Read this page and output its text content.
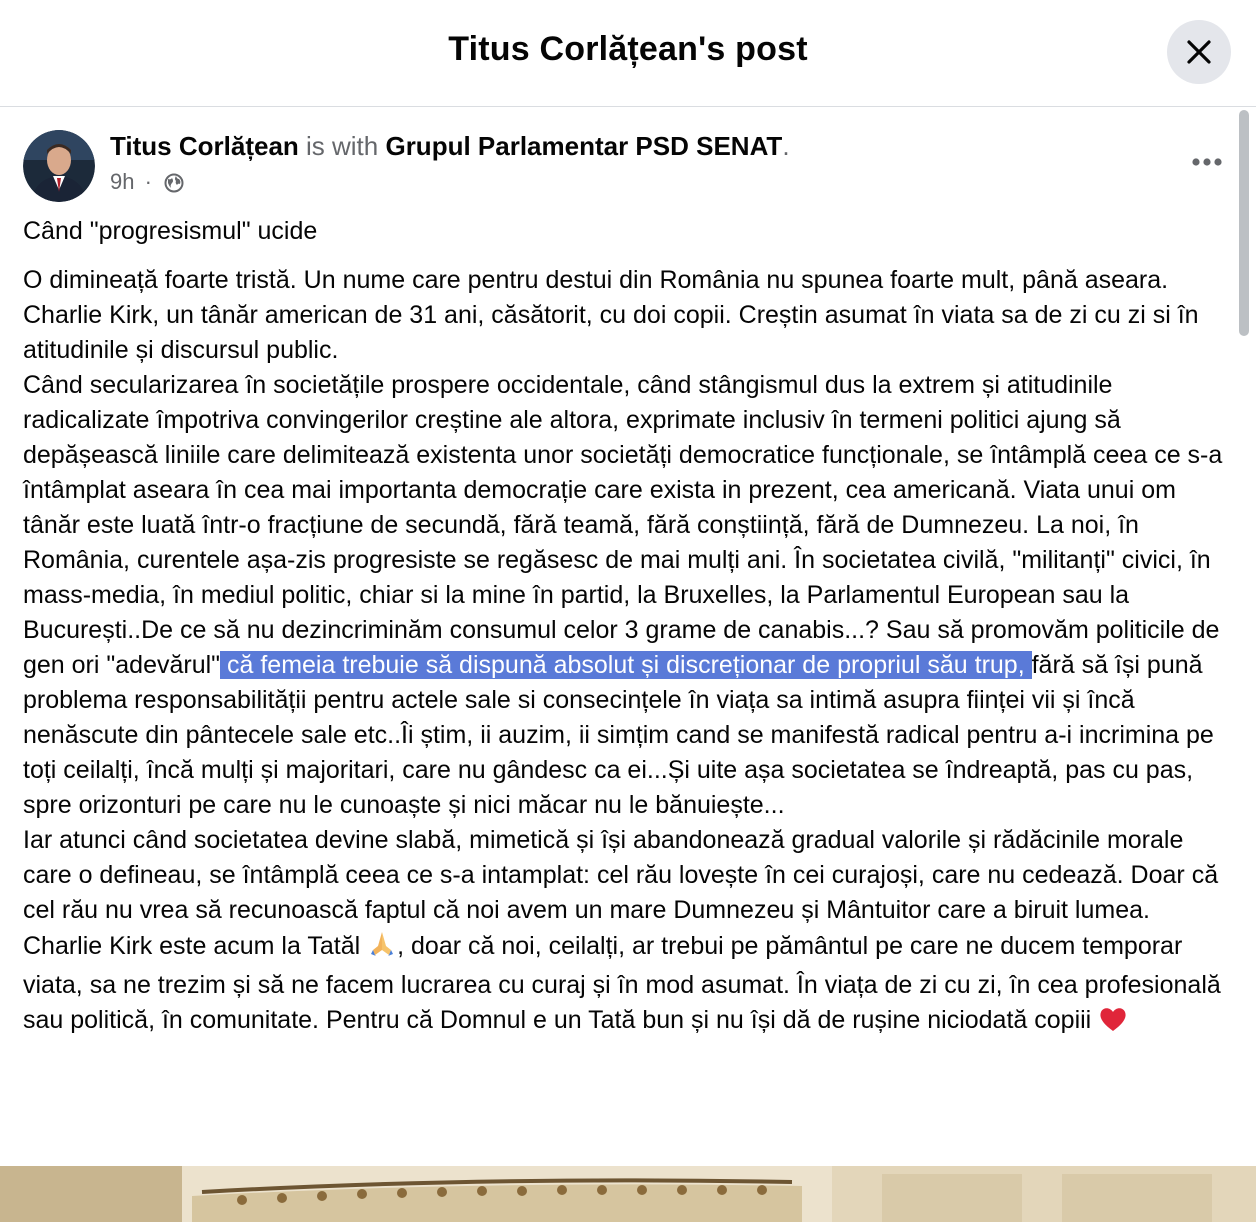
Titus Corlățean's post
Titus Corlățean is with Grupul Parlamentar PSD SENAT.
9h ·

Când "progresismul" ucide

O dimineață foarte tristă. Un nume care pentru destui din România nu spunea foarte mult, până aseara. Charlie Kirk, un tânăr american de 31 ani, căsătorit, cu doi copii. Creștin asumat în viata sa de zi cu zi si în atitudinile și discursul public.

Când secularizarea în societățile prospere occidentale, când stângismul dus la extrem și atitudinile radicalizate împotriva convingerilor creștine ale altora, exprimate inclusiv în termeni politici ajung să depășească liniile care delimitează existenta unor societăți democratice funcționale, se întâmplă ceea ce s-a întâmplat aseara în cea mai importanta democrație care exista in prezent, cea americană. Viata unui om tânăr este luată într-o fracțiune de secundă, fără teamă, fără conștiință, fără de Dumnezeu. La noi, în România, curentele așa-zis progresiste se regăsesc de mai mulți ani. În societatea civilă, "militanți" civici, în mass-media, în mediul politic, chiar si la mine în partid, la Bruxelles, la Parlamentul European sau la București..De ce să nu dezincriminăm consumul celor 3 grame de canabis...? Sau să promovăm politicile de gen ori "adevărul" că femeia trebuie să dispună absolut și discreționar de propriul său trup, fără să își pună problema responsabilității pentru actele sale si consecințele în viața sa intimă asupra ființei vii și încă nenăscute din pântecele sale etc..Îi știm, ii auzim, ii simțim cand se manifestă radical pentru a-i incrimina pe toți ceilalți, încă mulți și majoritari, care nu gândesc ca ei...Și uite așa societatea se îndreaptă, pas cu pas, spre orizonturi pe care nu le cunoaște și nici măcar nu le bănuiește...

Iar atunci când societatea devine slabă, mimetică și își abandonează gradual valorile și rădăcinile morale care o defineau, se întâmplă ceea ce s-a intamplat: cel rău lovește în cei curajoși, care nu cedează. Doar că cel rău nu vrea să recunoască faptul că noi avem un mare Dumnezeu și Mântuitor care a biruit lumea.

Charlie Kirk este acum la Tatăl , doar că noi, ceilalți, ar trebui pe pământul pe care ne ducem temporar viata, sa ne trezim și să ne facem lucrarea cu curaj și în mod asumat. În viața de zi cu zi, în cea profesională sau politică, în comunitate. Pentru că Domnul e un Tată bun și nu își dă de rușine niciodată copiii
